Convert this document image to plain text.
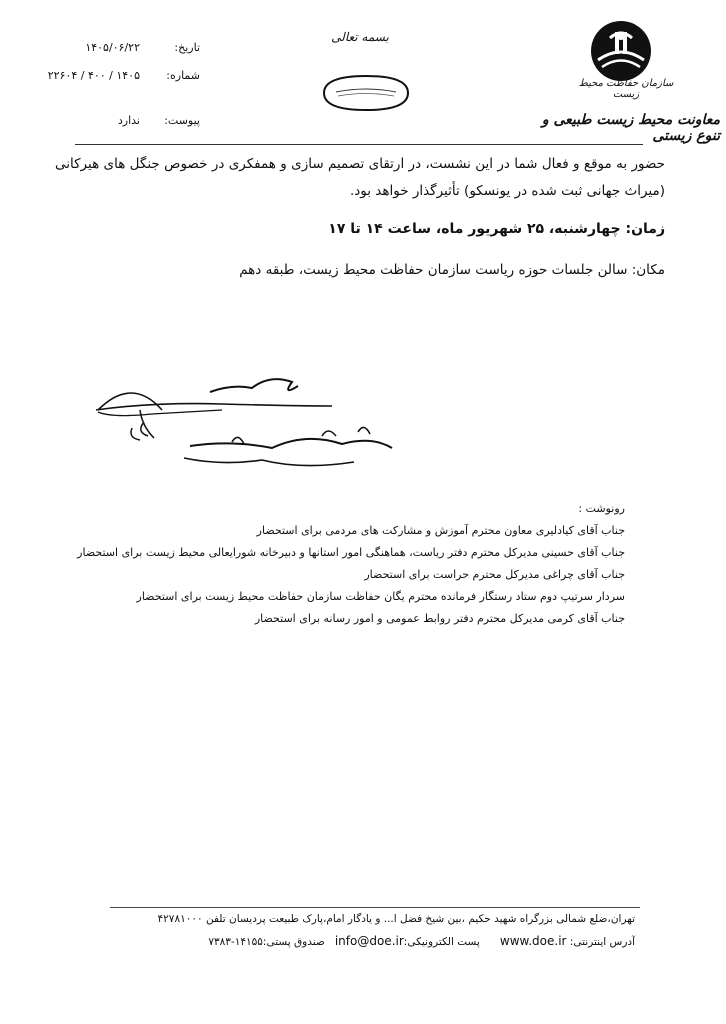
سازمان حفاظت محیط زیست
معاونت محیط زیست طبیعی و تنوع زیستی
بسمه تعالی
تاریخ:
۱۴۰۵/۰۶/۲۲
شماره:
۲۲۶۰۴ / ۴۰۰ / ۱۴۰۵
پیوست:
ندارد
حضور به موقع و فعال شما در این نشست، در ارتقای تصمیم سازی و همفکری در خصوص جنگل های هیرکانی (میراث جهانی ثبت شده در یونسکو) تأثیرگذار خواهد بود.
زمان: چهارشنبه، ۲۵ شهریور ماه، ساعت ۱۴ تا ۱۷
مکان: سالن جلسات حوزه ریاست سازمان حفاظت محیط زیست، طبقه دهم
رونوشت :
جناب آقای کیادلیری معاون محترم آموزش و مشارکت های مردمی برای استحضار
جناب آقای حسینی مدیرکل محترم دفتر ریاست، هماهنگی امور استانها و دبیرخانه شورایعالی محیط زیست برای استحضار
جناب آقای چراغی مدیرکل محترم حراست برای استحضار
سردار سرتیپ دوم ستاد رستگار فرمانده محترم یگان حفاظت سازمان حفاظت محیط زیست برای استحضار
جناب آقای کرمی مدیرکل محترم دفتر روابط عمومی و امور رسانه برای استحضار
تهران،ضلع شمالی بزرگراه شهید حکیم ،بین شیخ فضل ا... و یادگار امام،پارک طبیعت پردیسان تلفن ۴۲۷۸۱۰۰۰
آدرس اینترنتی: www.doe.ir      پست الکترونیکی:info@doe.ir   صندوق پستی:۱۴۱۵۵-۷۳۸۳
